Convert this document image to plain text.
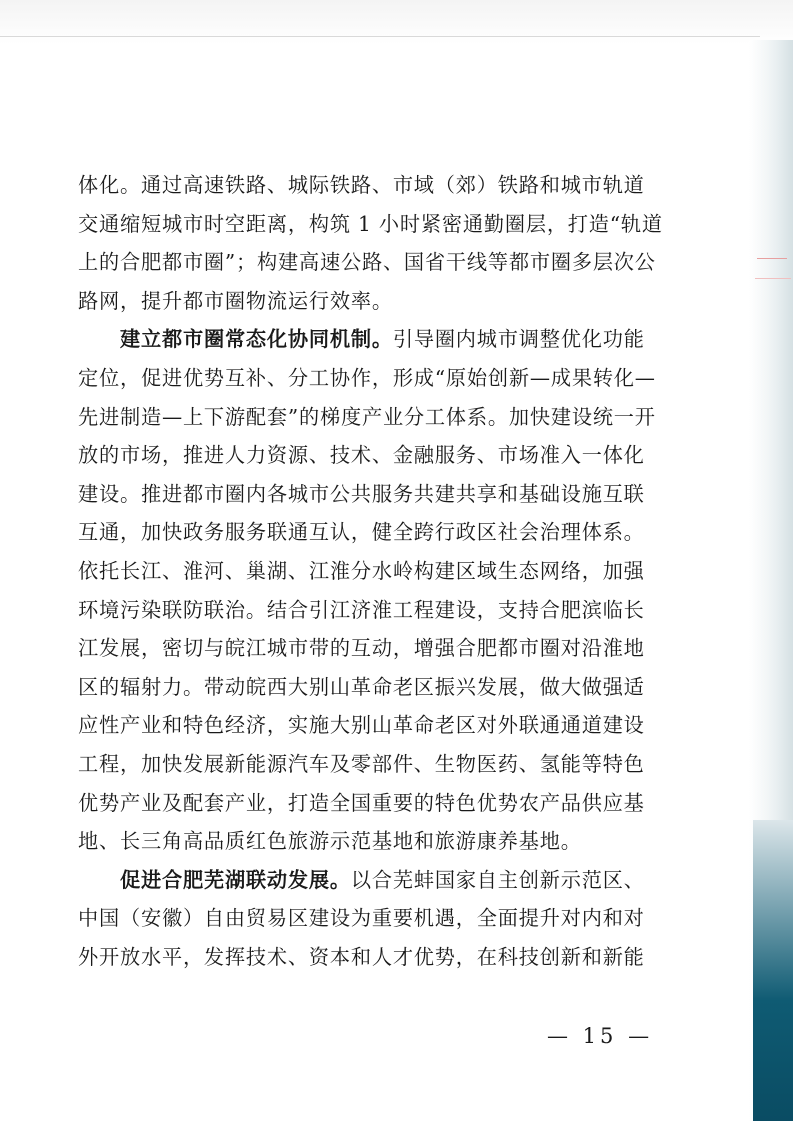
体化。通过高速铁路、城际铁路、市域（郊）铁路和城市轨道
交通缩短城市时空距离，构筑 1 小时紧密通勤圈层，打造“轨道
上的合肥都市圈”；构建高速公路、国省干线等都市圈多层次公
路网，提升都市圈物流运行效率。
建立都市圈常态化协同机制。引导圈内城市调整优化功能
定位，促进优势互补、分工协作，形成“原始创新—成果转化—
先进制造—上下游配套”的梯度产业分工体系。加快建设统一开
放的市场，推进人力资源、技术、金融服务、市场准入一体化
建设。推进都市圈内各城市公共服务共建共享和基础设施互联
互通，加快政务服务联通互认，健全跨行政区社会治理体系。
依托长江、淮河、巢湖、江淮分水岭构建区域生态网络，加强
环境污染联防联治。结合引江济淮工程建设，支持合肥滨临长
江发展，密切与皖江城市带的互动，增强合肥都市圈对沿淮地
区的辐射力。带动皖西大别山革命老区振兴发展，做大做强适
应性产业和特色经济，实施大别山革命老区对外联通通道建设
工程，加快发展新能源汽车及零部件、生物医药、氢能等特色
优势产业及配套产业，打造全国重要的特色优势农产品供应基
地、长三角高品质红色旅游示范基地和旅游康养基地。
促进合肥芜湖联动发展。以合芜蚌国家自主创新示范区、
中国（安徽）自由贸易区建设为重要机遇，全面提升对内和对
外开放水平，发挥技术、资本和人才优势，在科技创新和新能
— 15 —
